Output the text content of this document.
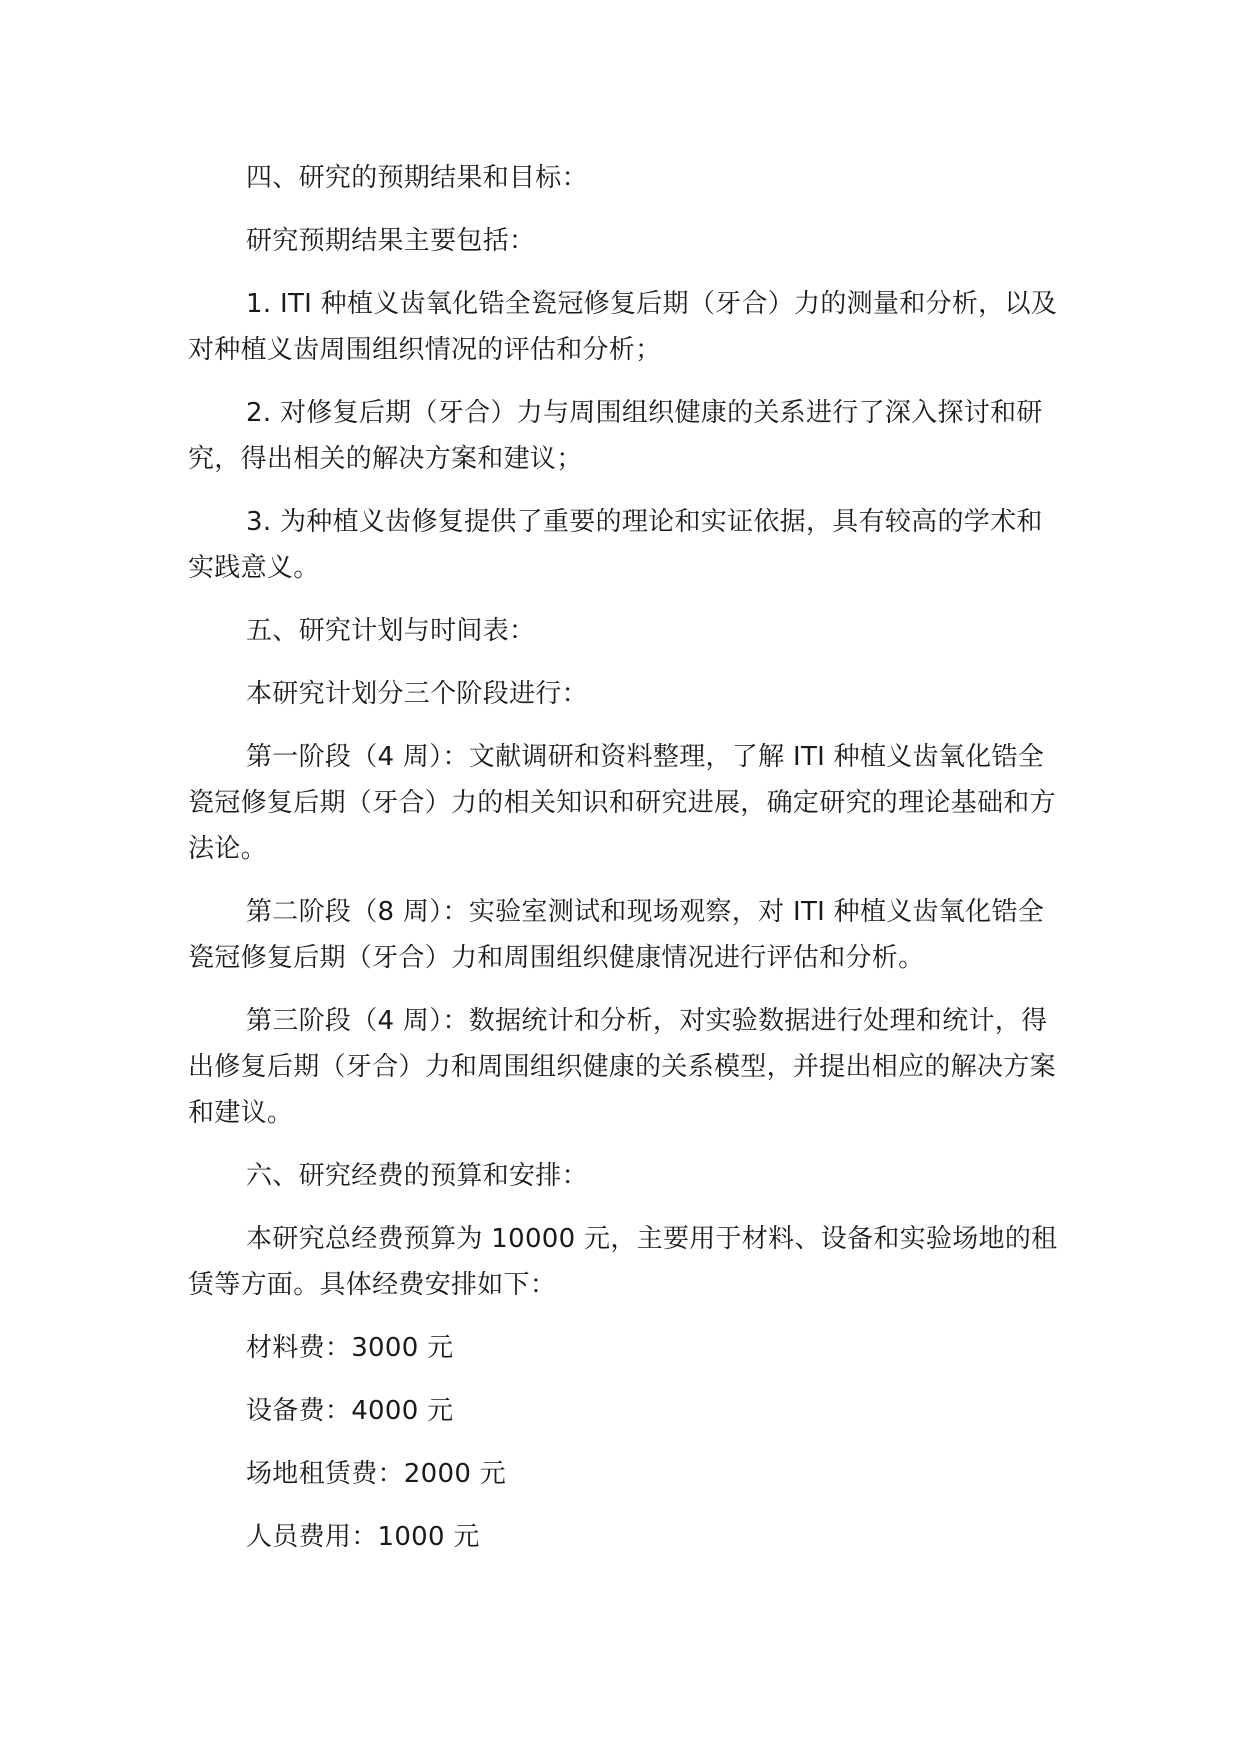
四、研究的预期结果和目标：

研究预期结果主要包括：

1. ITI 种植义齿氧化锆全瓷冠修复后期（牙合）力的测量和分析，以及对种植义齿周围组织情况的评估和分析；

2. 对修复后期（牙合）力与周围组织健康的关系进行了深入探讨和研究，得出相关的解决方案和建议；

3. 为种植义齿修复提供了重要的理论和实证依据，具有较高的学术和实践意义。

五、研究计划与时间表：

本研究计划分三个阶段进行：

第一阶段（4 周）：文献调研和资料整理，了解 ITI 种植义齿氧化锆全瓷冠修复后期（牙合）力的相关知识和研究进展，确定研究的理论基础和方法论。

第二阶段（8 周）：实验室测试和现场观察，对 ITI 种植义齿氧化锆全瓷冠修复后期（牙合）力和周围组织健康情况进行评估和分析。

第三阶段（4 周）：数据统计和分析，对实验数据进行处理和统计，得出修复后期（牙合）力和周围组织健康的关系模型，并提出相应的解决方案和建议。

六、研究经费的预算和安排：

本研究总经费预算为 10000 元，主要用于材料、设备和实验场地的租赁等方面。具体经费安排如下：

材料费：3000 元

设备费：4000 元

场地租赁费：2000 元

人员费用：1000 元
